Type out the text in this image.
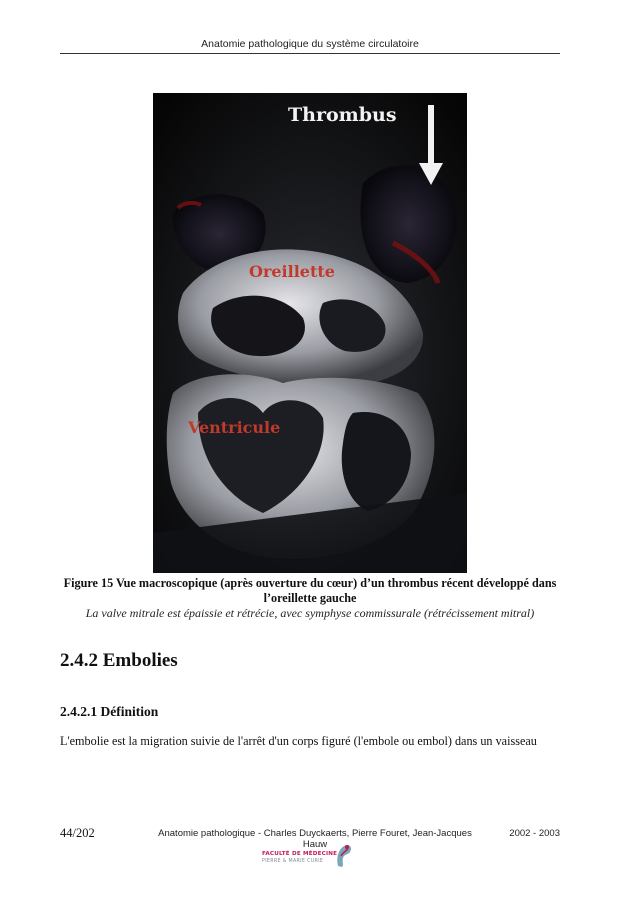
Anatomie pathologique du système circulatoire
Thrombus
Oreillette
Ventricule
Figure 15 Vue macroscopique (après ouverture du cœur) d’un thrombus récent développé dans l’oreillette gauche
La valve mitrale est épaissie et rétrécie, avec symphyse commissurale (rétrécissement mitral)
2.4.2 Embolies
2.4.2.1 Définition
L'embolie est la migration suivie de l'arrêt d'un corps figuré (l'embole ou embol) dans un vaisseau
44/202	Anatomie pathologique - Charles Duyckaerts, Pierre Fouret, Jean-Jacques Hauw
2002 - 2003
FACULTÉ DE MÉDECINE
PIERRE & MARIE CURIE
